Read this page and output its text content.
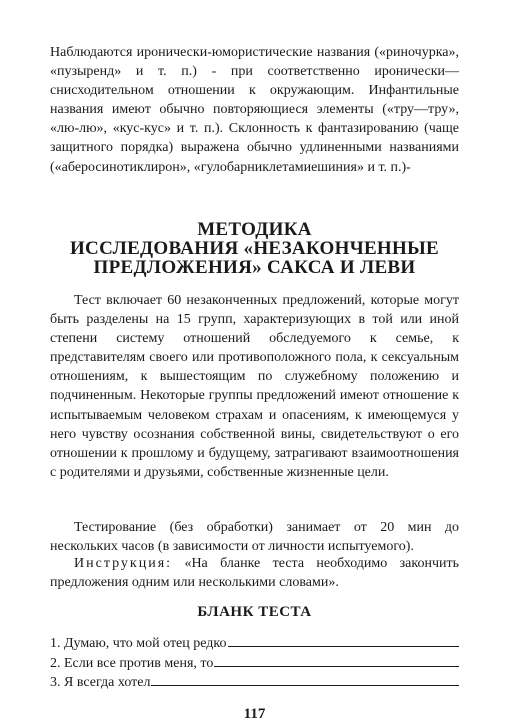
Наблюдаются иронически-юмористические названия («риночурка», «пузыренд» и т. п.) - при соответственно иронически—снисходительном отношении к окружающим. Инфантильные названия имеют обычно повторяющиеся элементы («тру—тру», «лю-лю», «кус-кус» и т. п.). Склонность к фантазированию (чаще защитного порядка) выражена обычно удлиненными названиями («аберосинотиклирон», «гулобарниклетамиешиния» и т. п.)-

МЕТОДИКА
ИССЛЕДОВАНИЯ «НЕЗАКОНЧЕННЫЕ
ПРЕДЛОЖЕНИЯ» САКСА И ЛЕВИ

Тест включает 60 незаконченных предложений, которые могут быть разделены на 15 групп, характеризующих в той или иной степени систему отношений обследуемого к семье, к представителям своего или противоположного пола, к сексуальным отношениям, к вышестоящим по служебному положению и подчиненным. Некоторые группы предложений имеют отношение к испытываемым человеком страхам и опасениям, к имеющемуся у него чувству осознания собственной вины, свидетельствуют о его отношении к прошлому и будущему, затрагивают взаимоотношения с родителями и друзьями, собственные жизненные цели.

Тестирование (без обработки) занимает от 20 мин до нескольких часов (в зависимости от личности испытуемого).

Инструкция: «На бланке теста необходимо закончить предложения одним или несколькими словами».

БЛАНК ТЕСТА
1. Думаю, что мой отец редко
2. Если все против меня, то
3. Я всегда хотел
117
